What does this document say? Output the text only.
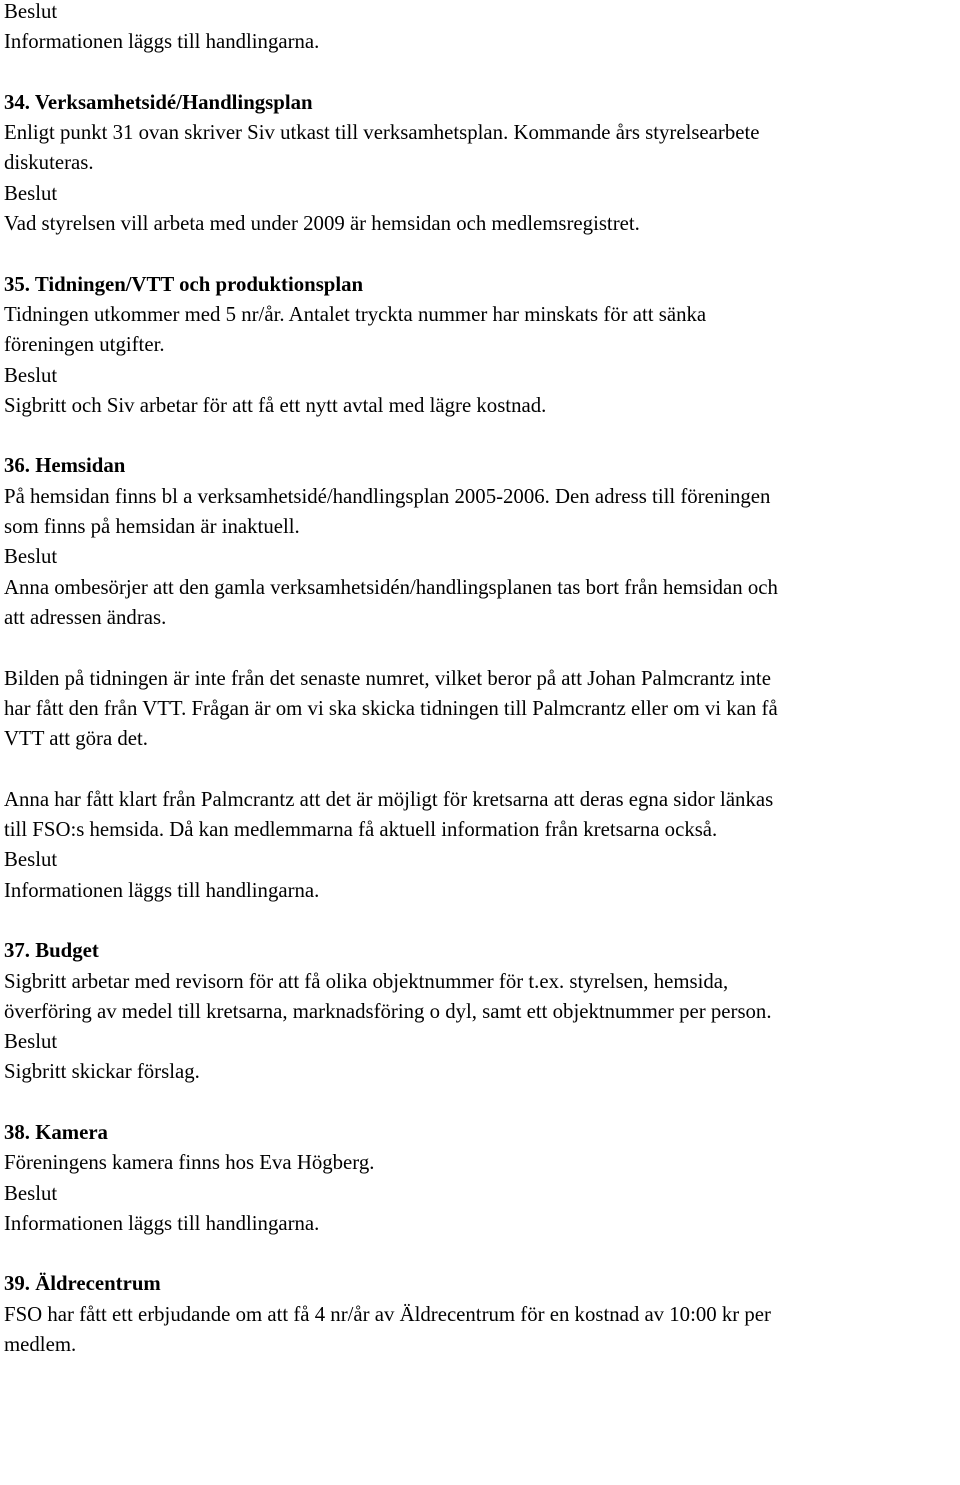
Beslut
Informationen läggs till handlingarna.
34. Verksamhetsidé/Handlingsplan
Enligt punkt 31 ovan skriver Siv utkast till verksamhetsplan. Kommande års styrelsearbete
diskuteras.
Beslut
Vad styrelsen vill arbeta med under 2009 är hemsidan och medlemsregistret.
35. Tidningen/VTT och produktionsplan
Tidningen utkommer med 5 nr/år. Antalet tryckta nummer har minskats för att sänka
föreningen utgifter.
Beslut
Sigbritt och Siv arbetar för att få ett nytt avtal med lägre kostnad.
36. Hemsidan
På hemsidan finns bl a verksamhetsidé/handlingsplan 2005-2006. Den adress till föreningen
som finns på hemsidan är inaktuell.
Beslut
Anna ombesörjer att den gamla verksamhetsidén/handlingsplanen tas bort från hemsidan och
att adressen ändras.
Bilden på tidningen är inte från det senaste numret, vilket beror på att Johan Palmcrantz inte
har fått den från VTT. Frågan är om vi ska skicka tidningen till Palmcrantz eller om vi kan få
VTT att göra det.
Anna har fått klart från Palmcrantz att det är möjligt för kretsarna att deras egna sidor länkas
till FSO:s hemsida. Då kan medlemmarna få aktuell information från kretsarna också.
Beslut
Informationen läggs till handlingarna.
37. Budget
Sigbritt arbetar med revisorn för att få olika objektnummer för t.ex. styrelsen, hemsida,
överföring av medel till kretsarna, marknadsföring o dyl, samt ett objektnummer per person.
Beslut
Sigbritt skickar förslag.
38. Kamera
Föreningens kamera finns hos Eva Högberg.
Beslut
Informationen läggs till handlingarna.
39. Äldrecentrum
FSO har fått ett erbjudande om att få 4 nr/år av Äldrecentrum för en kostnad av 10:00 kr per
medlem.
